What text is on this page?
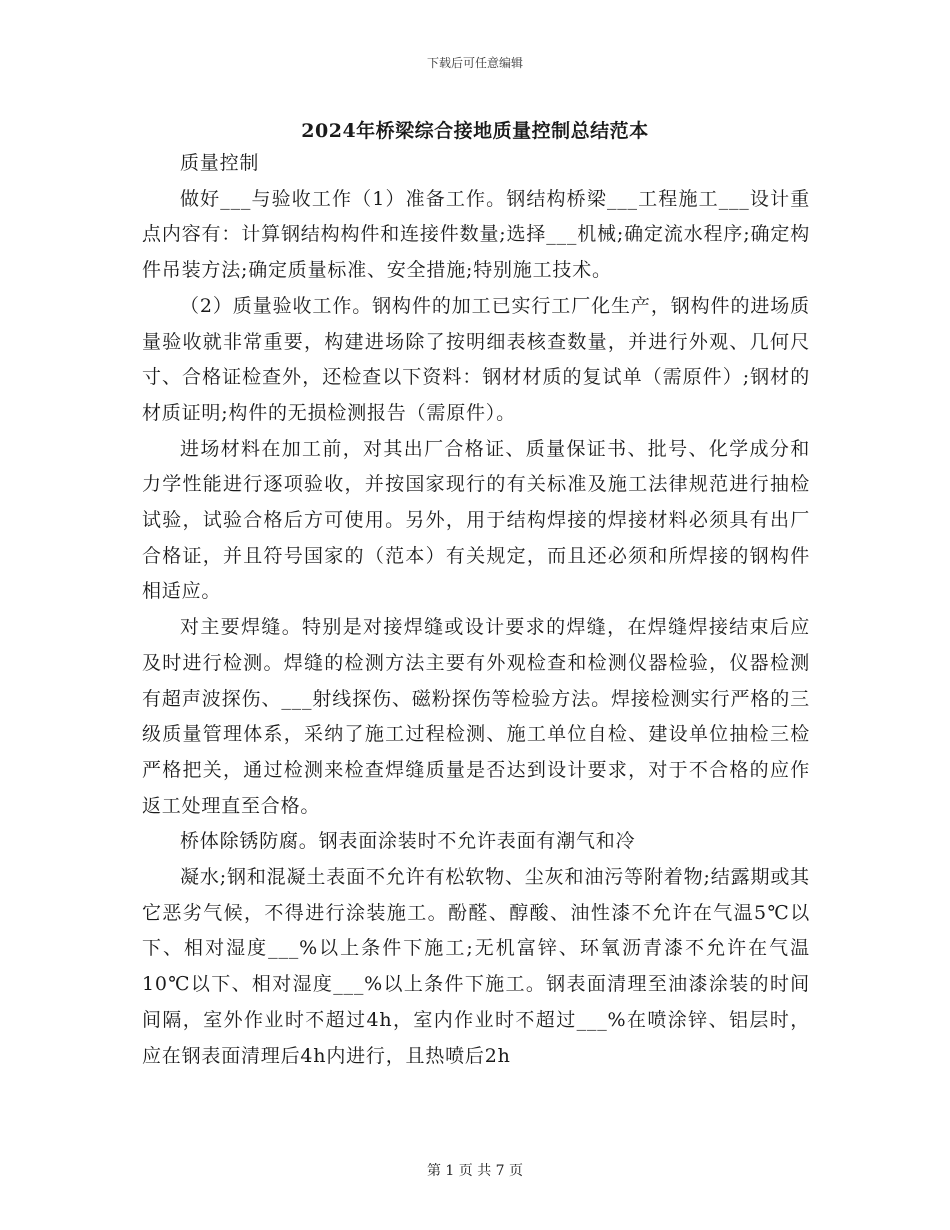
下载后可任意编辑
2024年桥梁综合接地质量控制总结范本

质量控制

做好___与验收工作（1）准备工作。钢结构桥梁___工程施工___设计重点内容有：计算钢结构构件和连接件数量;选择___机械;确定流水程序;确定构件吊装方法;确定质量标准、安全措施;特别施工技术。

（2）质量验收工作。钢构件的加工已实行工厂化生产，钢构件的进场质量验收就非常重要，构建进场除了按明细表核查数量，并进行外观、几何尺寸、合格证检查外，还检查以下资料：钢材材质的复试单（需原件）;钢材的材质证明;构件的无损检测报告（需原件）。

进场材料在加工前，对其出厂合格证、质量保证书、批号、化学成分和力学性能进行逐项验收，并按国家现行的有关标准及施工法律规范进行抽检试验，试验合格后方可使用。另外，用于结构焊接的焊接材料必须具有出厂合格证，并且符号国家的（范本）有关规定，而且还必须和所焊接的钢构件相适应。

对主要焊缝。特别是对接焊缝或设计要求的焊缝，在焊缝焊接结束后应及时进行检测。焊缝的检测方法主要有外观检查和检测仪器检验，仪器检测有超声波探伤、___射线探伤、磁粉探伤等检验方法。焊接检测实行严格的三级质量管理体系，采纳了施工过程检测、施工单位自检、建设单位抽检三检严格把关，通过检测来检查焊缝质量是否达到设计要求，对于不合格的应作返工处理直至合格。

桥体除锈防腐。钢表面涂装时不允许表面有潮气和冷

凝水;钢和混凝土表面不允许有松软物、尘灰和油污等附着物;结露期或其它恶劣气候，不得进行涂装施工。酚醛、醇酸、油性漆不允许在气温5℃以下、相对湿度___%以上条件下施工;无机富锌、环氧沥青漆不允许在气温10℃以下、相对湿度___%以上条件下施工。钢表面清理至油漆涂装的时间间隔，室外作业时不超过4h，室内作业时不超过___%在喷涂锌、铝层时，应在钢表面清理后4h内进行，且热喷后2h

第 1 页 共 7 页
